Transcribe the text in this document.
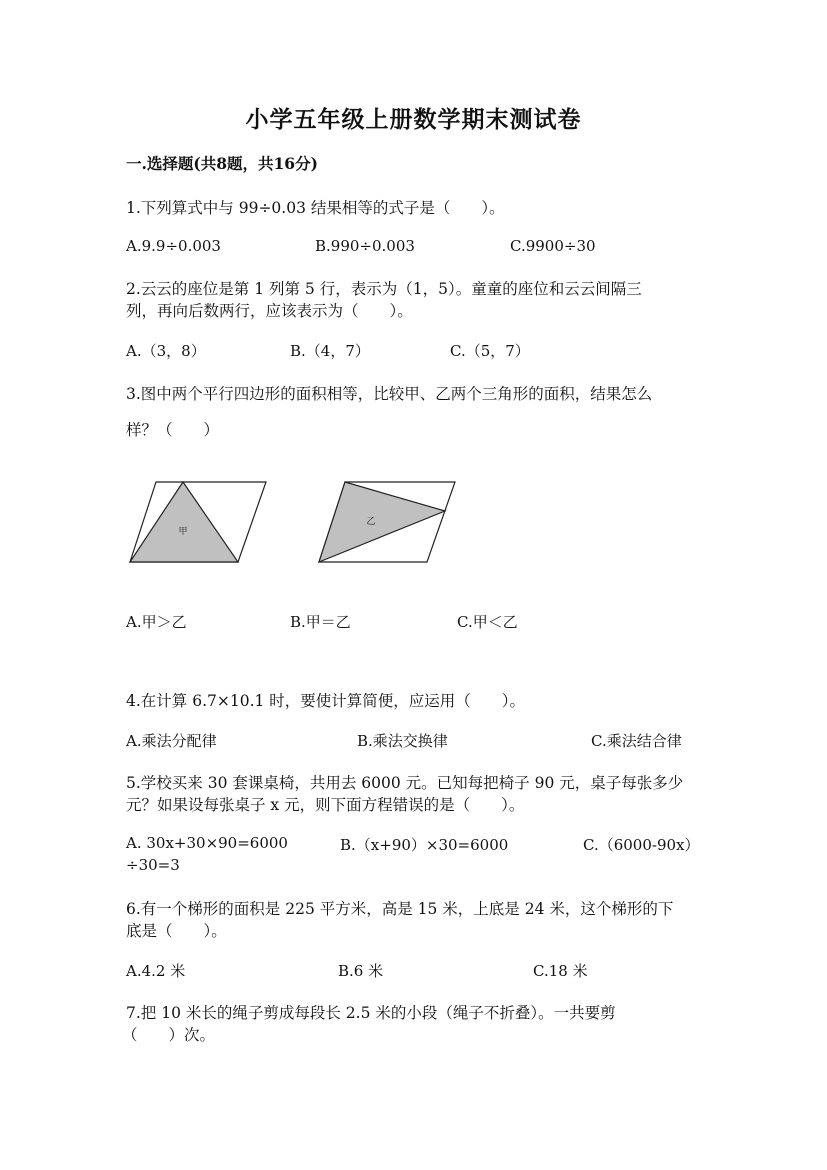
小学五年级上册数学期末测试卷
一.选择题(共8题，共16分)
1.下列算式中与 99÷0.03 结果相等的式子是（　　）。
A.9.9÷0.003	B.990÷0.003	C.9900÷30
2.云云的座位是第 1 列第 5 行，表示为（1，5）。童童的座位和云云间隔三
列，再向后数两行，应该表示为（　　）。
A.（3，8）	B.（4，7）	C.（5，7）
3.图中两个平行四边形的面积相等，比较甲、乙两个三角形的面积，结果怎么
样？（　　）
甲
乙
A.甲＞乙	B.甲＝乙	C.甲＜乙
4.在计算 6.7×10.1 时，要使计算简便，应运用（　　）。
A.乘法分配律	B.乘法交换律	C.乘法结合律
5.学校买来 30 套课桌椅，共用去 6000 元。已知每把椅子 90 元，桌子每张多少
元？如果设每张桌子 x 元，则下面方程错误的是（　　）。
A. 30x+30×90=6000	B.（x+90）×30=6000	C.（6000-90x）
÷30=3
6.有一个梯形的面积是 225 平方米，高是 15 米，上底是 24 米，这个梯形的下
底是（　　）。
A.4.2 米	B.6 米	C.18 米
7.把 10 米长的绳子剪成每段长 2.5 米的小段（绳子不折叠）。一共要剪
（　　）次。
